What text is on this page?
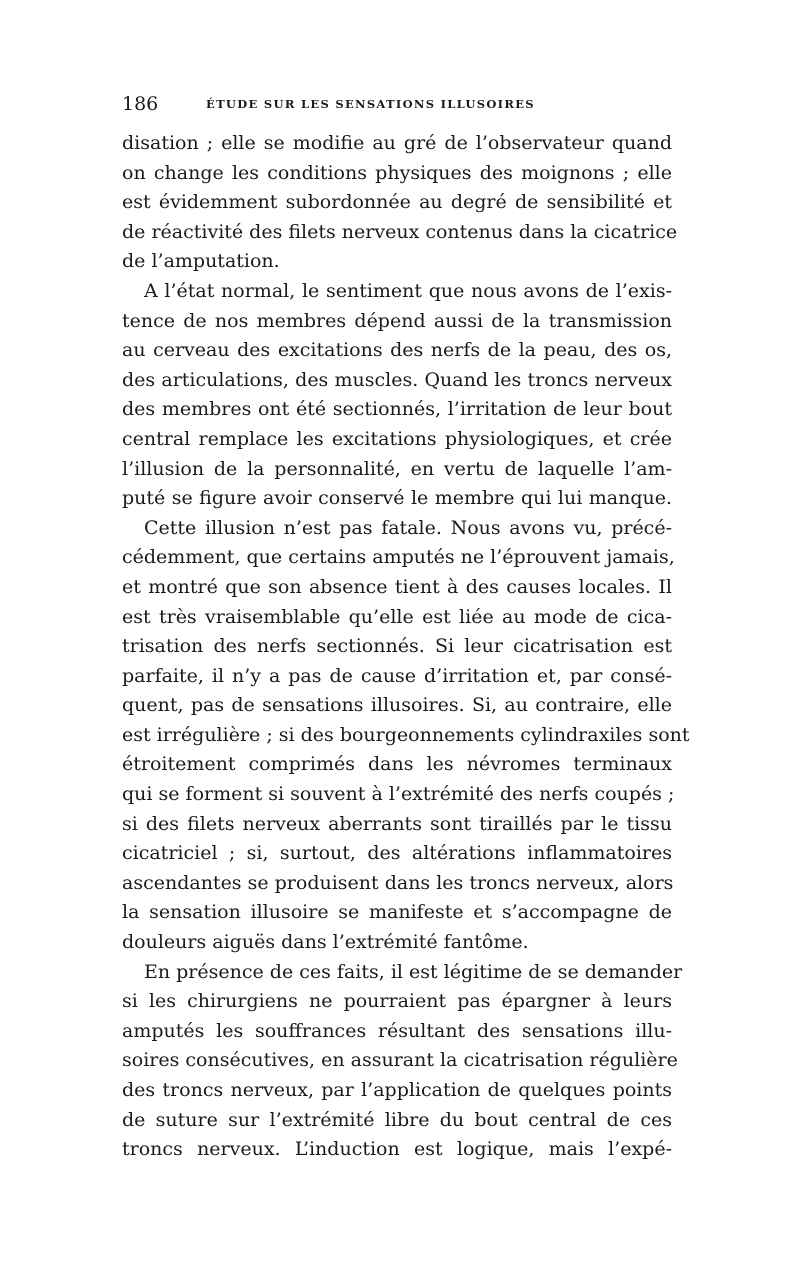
186	ÉTUDE SUR LES SENSATIONS ILLUSOIRES
disation ; elle se modifie au gré de l’observateur quand
on change les conditions physiques des moignons ; elle
est évidemment subordonnée au degré de sensibilité et
de réactivité des filets nerveux contenus dans la cicatrice
de l’amputation.
A l’état normal, le sentiment que nous avons de l’exis-
tence de nos membres dépend aussi de la transmission
au cerveau des excitations des nerfs de la peau, des os,
des articulations, des muscles. Quand les troncs nerveux
des membres ont été sectionnés, l’irritation de leur bout
central remplace les excitations physiologiques, et crée
l’illusion de la personnalité, en vertu de laquelle l’am-
puté se figure avoir conservé le membre qui lui manque.
Cette illusion n’est pas fatale. Nous avons vu, précé-
cédemment, que certains amputés ne l’éprouvent jamais,
et montré que son absence tient à des causes locales. Il
est très vraisemblable qu’elle est liée au mode de cica-
trisation des nerfs sectionnés. Si leur cicatrisation est
parfaite, il n’y a pas de cause d’irritation et, par consé-
quent, pas de sensations illusoires. Si, au contraire, elle
est irrégulière ; si des bourgeonnements cylindraxiles sont
étroitement comprimés dans les névromes terminaux
qui se forment si souvent à l’extrémité des nerfs coupés ;
si des filets nerveux aberrants sont tiraillés par le tissu
cicatriciel ; si, surtout, des altérations inflammatoires
ascendantes se produisent dans les troncs nerveux, alors
la sensation illusoire se manifeste et s’accompagne de
douleurs aiguës dans l’extrémité fantôme.
En présence de ces faits, il est légitime de se demander
si les chirurgiens ne pourraient pas épargner à leurs
amputés les souffrances résultant des sensations illu-
soires consécutives, en assurant la cicatrisation régulière
des troncs nerveux, par l’application de quelques points
de suture sur l’extrémité libre du bout central de ces
troncs nerveux. L’induction est logique, mais l’expé-
